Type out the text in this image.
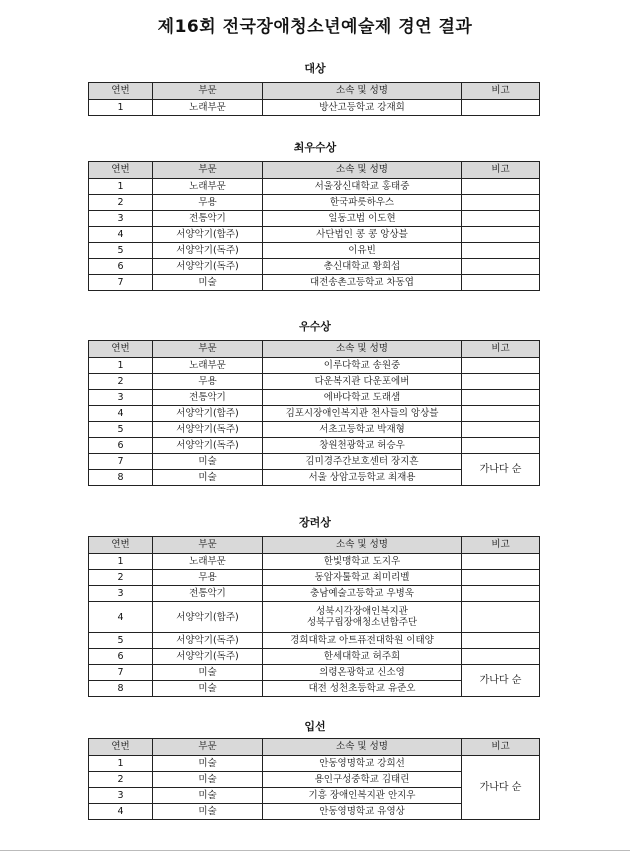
제16회 전국장애청소년예술제 경연 결과
대상
연번	부문	소속 및 성명	비고
1	노래부문	방산고등학교 강재희	
최우수상
연번	부문	소속 및 성명	비고
1	노래부문	서울장신대학교 홍태중	
2	무용	한국파릇하우스	
3	전통악기	일동고법 이도현	
4	서양악기(합주)	사단법인 콩 콩 앙상블	
5	서양악기(독주)	이유빈	
6	서양악기(독주)	총신대학교 황희섭	
7	미술	대전송촌고등학교 차동엽	
우수상
연번	부문	소속 및 성명	비고
1	노래부문	이루다학교 송원중	
2	무용	다운복지관 다운포에버	
3	전통악기	에바다학교 도래샘	
4	서양악기(합주)	김포시장애인복지관 천사들의 앙상블	
5	서양악기(독주)	서초고등학교 박재형	
6	서양악기(독주)	창원천광학교 허승우	
7	미술	김미경주간보호센터 장지흔	가나다 순
8	미술	서울 상암고등학교 최재용	
장려상
연번	부문	소속 및 성명	비고
1	노래부문	한빛맹학교 도지우	
2	무용	동암자툴학교 최미리벨	
3	전통악기	충남예술고등학교 우병욱	
4	서양악기(합주)	성북시각장애인복지관
성북구립장애청소년합주단	

5	서양악기(독주)	경희대학교 아트퓨전대학원 이태양	
6	서양악기(독주)	한세대학교 허주희	
7	미술	의령온광학교 신소영	가나다 순
8	미술	대전 성천초등학교 유준오	
입선
연번	부문	소속 및 성명	비고
1	미술	안동영명학교 강희선	가나다 순
2	미술	용인구성중학교 김태린	
3	미술	기흥 장애인복지관 안지우	
4	미술	안동영명학교 유영상	
